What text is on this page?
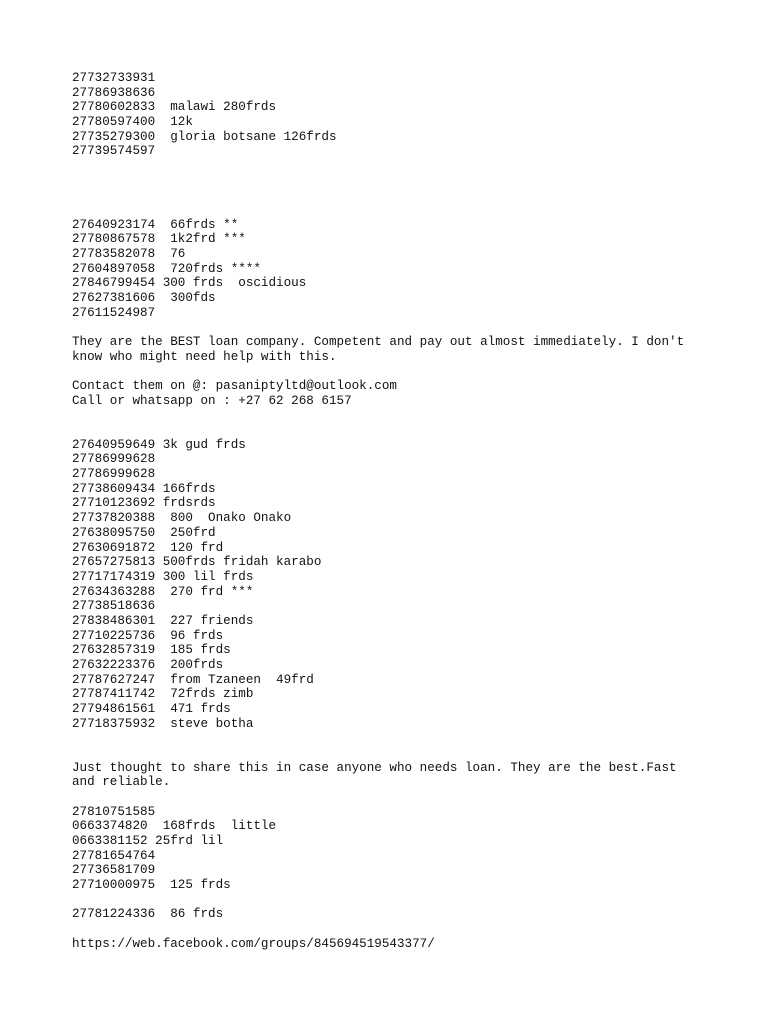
27732733931
27786938636
27780602833  malawi 280frds
27780597400  12k
27735279300  gloria botsane 126frds
27739574597
27640923174  66frds **
27780867578  1k2frd ***
27783582078  76
27604897058  720frds ****
27846799454 300 frds  oscidious
27627381606  300fds
27611524987
They are the BEST loan company. Competent and pay out almost immediately. I don't
know who might need help with this.
Contact them on @: pasaniptyltd@outlook.com
Call or whatsapp on : +27 62 268 6157
27640959649 3k gud frds
27786999628
27786999628
27738609434 166frds
27710123692 frdsrds
27737820388  800  Onako Onako
27638095750  250frd
27630691872  120 frd
27657275813 500frds fridah karabo
27717174319 300 lil frds
27634363288  270 frd ***
27738518636
27838486301  227 friends
27710225736  96 frds
27632857319  185 frds
27632223376  200frds
27787627247  from Tzaneen  49frd
27787411742  72frds zimb
27794861561  471 frds
27718375932  steve botha
Just thought to share this in case anyone who needs loan. They are the best.Fast
and reliable.
27810751585
0663374820  168frds  little
0663381152 25frd lil
27781654764
27736581709
27710000975  125 frds
27781224336  86 frds
https://web.facebook.com/groups/845694519543377/
